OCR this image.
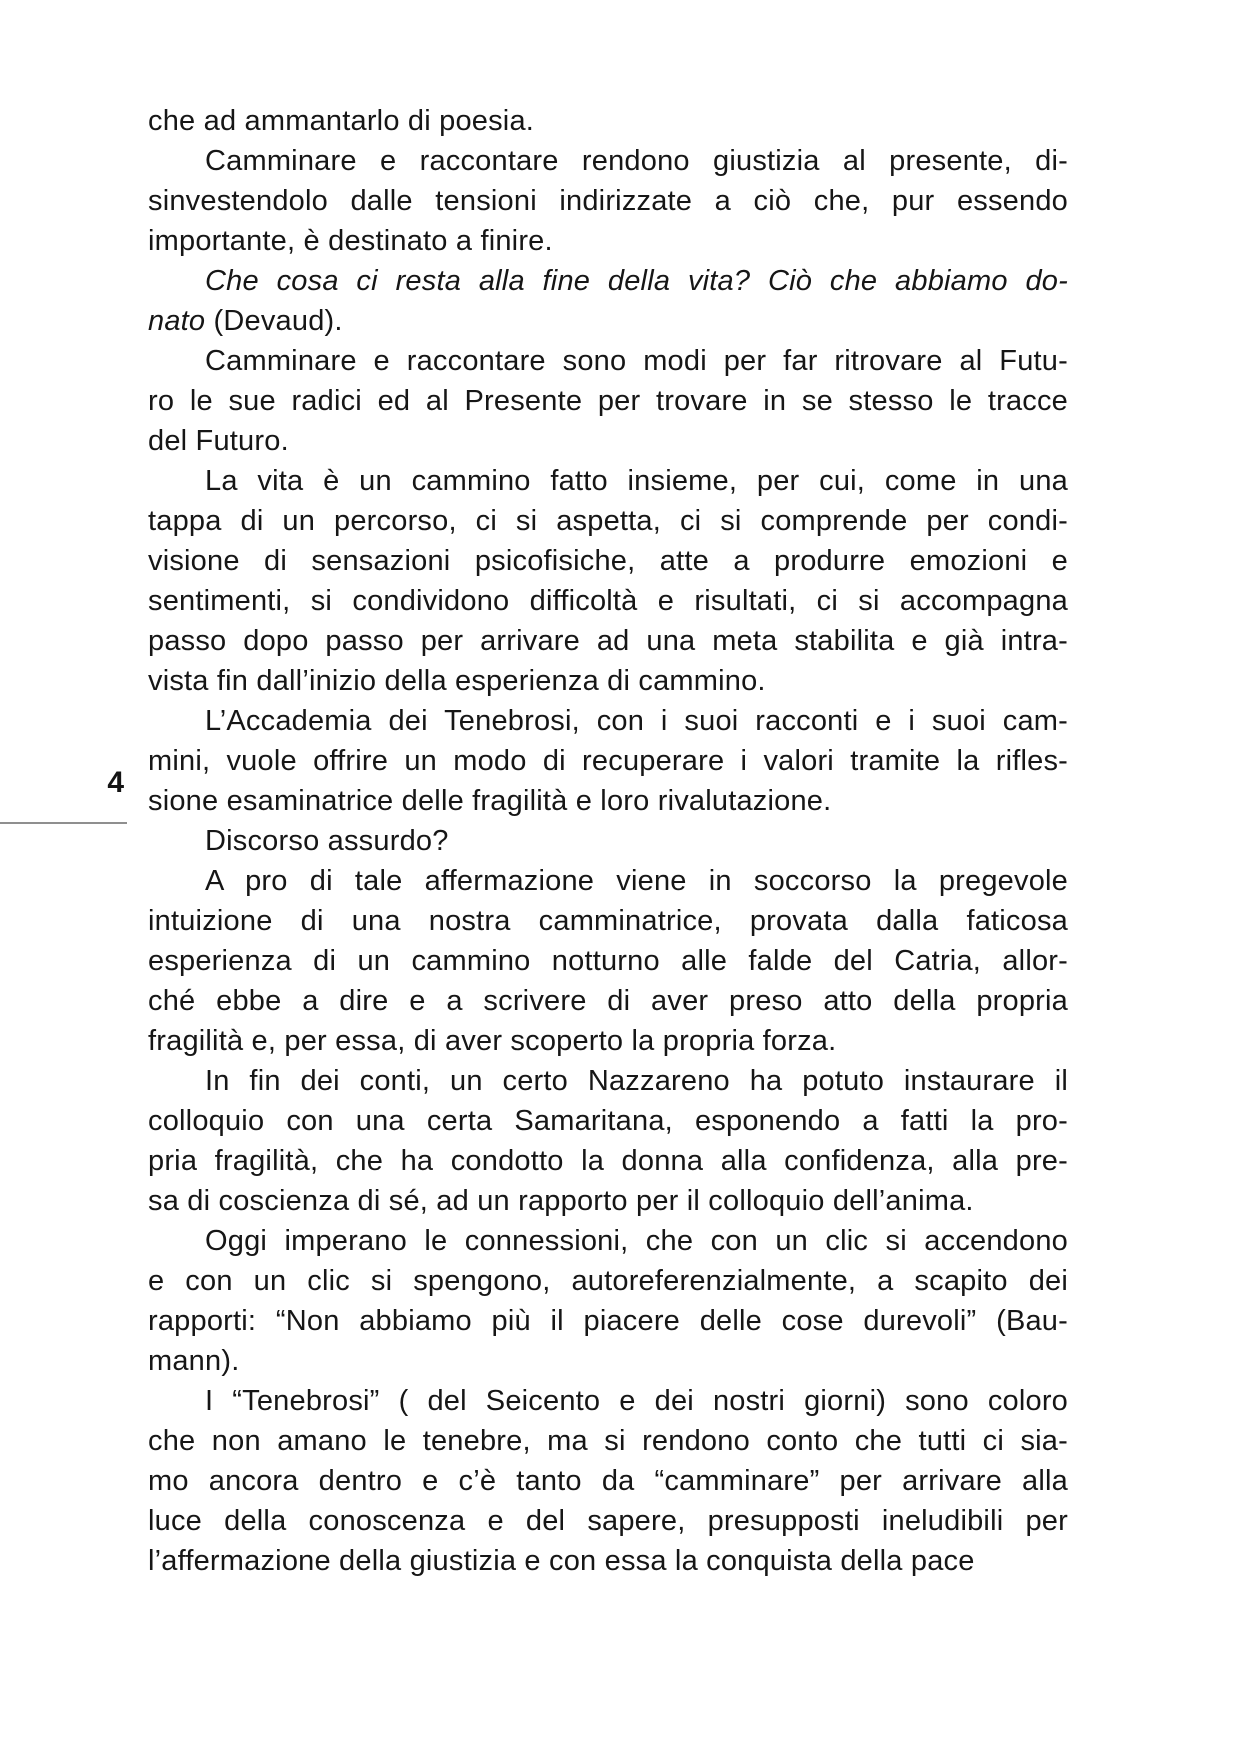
4
che ad ammantarlo di poesia.
Camminare e raccontare rendono giustizia al presente, di-
sinvestendolo dalle tensioni indirizzate a ciò che, pur essendo
importante, è destinato a finire.
Che cosa ci resta alla fine della vita? Ciò che abbiamo do-
nato (Devaud).
Camminare e raccontare sono modi per far ritrovare al Futu-
ro le sue radici ed al Presente per trovare in se stesso le tracce
del Futuro.
La vita è un cammino fatto insieme, per cui, come in una
tappa di un percorso, ci si aspetta, ci si comprende per condi-
visione di sensazioni psicofisiche, atte a produrre emozioni e
sentimenti, si condividono difficoltà e risultati, ci si accompagna
passo dopo passo per arrivare ad una meta stabilita e già intra-
vista fin dall’inizio della esperienza di cammino.
L’Accademia dei Tenebrosi, con i suoi racconti e i suoi cam-
mini, vuole offrire un modo di recuperare i valori tramite la rifles-
sione esaminatrice delle fragilità e loro rivalutazione.
Discorso assurdo?
A pro di tale affermazione viene in soccorso la pregevole
intuizione di una nostra camminatrice, provata dalla faticosa
esperienza di un cammino notturno alle falde del Catria, allor-
ché ebbe a dire e a scrivere di aver preso atto della propria
fragilità e, per essa, di aver scoperto la propria forza.
In fin dei conti, un certo Nazzareno ha potuto instaurare il
colloquio con una certa Samaritana, esponendo a fatti la pro-
pria fragilità, che ha condotto la donna alla confidenza, alla pre-
sa di coscienza di sé, ad un rapporto per il colloquio dell’anima.
Oggi imperano le connessioni, che con un clic si accendono
e con un clic si spengono, autoreferenzialmente, a scapito dei
rapporti: “Non abbiamo più il piacere delle cose durevoli” (Bau-
mann).
I “Tenebrosi” ( del Seicento e dei nostri giorni) sono coloro
che non amano le tenebre, ma si rendono conto che tutti ci sia-
mo ancora dentro e c’è tanto da “camminare” per arrivare alla
luce della conoscenza e del sapere, presupposti ineludibili per
l’affermazione della giustizia e con essa la conquista della pace
